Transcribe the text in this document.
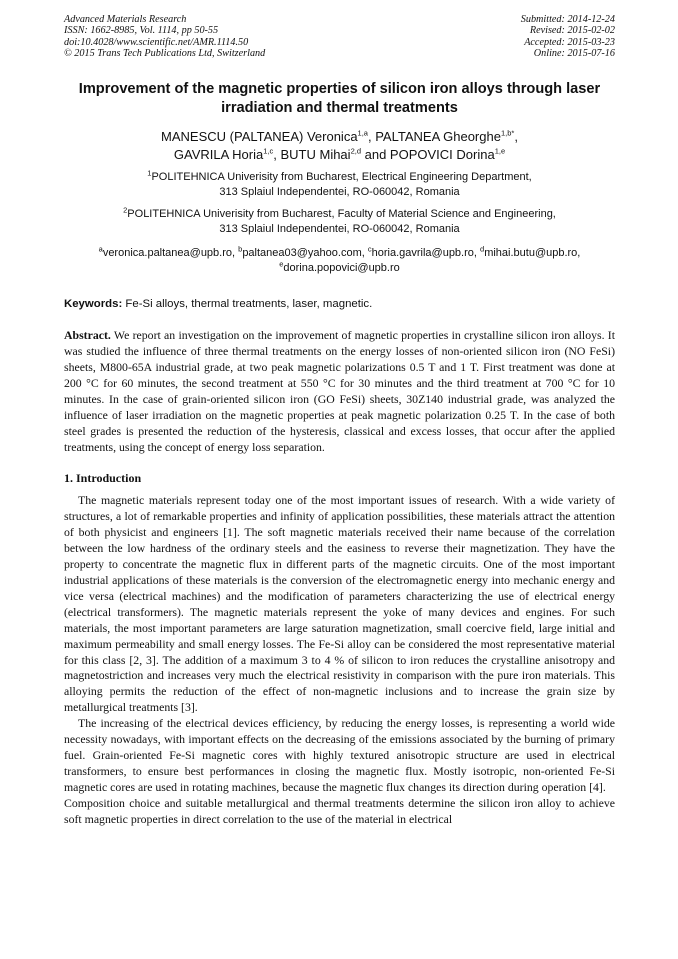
Advanced Materials Research
ISSN: 1662-8985, Vol. 1114, pp 50-55
doi:10.4028/www.scientific.net/AMR.1114.50
© 2015 Trans Tech Publications Ltd, Switzerland
Submitted: 2014-12-24
Revised: 2015-02-02
Accepted: 2015-03-23
Online: 2015-07-16
Improvement of the magnetic properties of silicon iron alloys through laser irradiation and thermal treatments
MANESCU (PALTANEA) Veronica$^{1,a}$, PALTANEA Gheorghe$^{1,b*}$,
GAVRILA Horia$^{1,c}$, BUTU Mihai$^{2,d}$ and POPOVICI Dorina$^{1,e}$
$^1$POLITEHNICA Univerisity from Bucharest, Electrical Engineering Department,
313 Splaiul Independentei, RO-060042, Romania
$^2$POLITEHNICA Univerisity from Bucharest, Faculty of Material Science and Engineering,
313 Splaiul Independentei, RO-060042, Romania
$^a$veronica.paltanea@upb.ro, $^b$paltanea03@yahoo.com, $^c$horia.gavrila@upb.ro, $^d$mihai.butu@upb.ro,
$^e$dorina.popovici@upb.ro
Keywords: Fe-Si alloys, thermal treatments, laser, magnetic.
Abstract. We report an investigation on the improvement of magnetic properties in crystalline silicon iron alloys. It was studied the influence of three thermal treatments on the energy losses of non-oriented silicon iron (NO FeSi) sheets, M800-65A industrial grade, at two peak magnetic polarizations 0.5 T and 1 T. First treatment was done at 200 °C for 60 minutes, the second treatment at 550 °C for 30 minutes and the third treatment at 700 °C for 10 minutes. In the case of grain-oriented silicon iron (GO FeSi) sheets, 30Z140 industrial grade, was analyzed the influence of laser irradiation on the magnetic properties at peak magnetic polarization 0.25 T. In the case of both steel grades is presented the reduction of the hysteresis, classical and excess losses, that occur after the applied treatments, using the concept of energy loss separation.
1. Introduction
The magnetic materials represent today one of the most important issues of research. With a wide variety of structures, a lot of remarkable properties and infinity of application possibilities, these materials attract the attention of both physicist and engineers [1]. The soft magnetic materials received their name because of the correlation between the low hardness of the ordinary steels and the easiness to reverse their magnetization. They have the property to concentrate the magnetic flux in different parts of the magnetic circuits. One of the most important industrial applications of these materials is the conversion of the electromagnetic energy into mechanic energy and vice versa (electrical machines) and the modification of parameters characterizing the use of electrical energy (electrical transformers). The magnetic materials represent the yoke of many devices and engines. For such materials, the most important parameters are large saturation magnetization, small coercive field, large initial and maximum permeability and small energy losses. The Fe-Si alloy can be considered the most representative material for this class [2, 3]. The addition of a maximum 3 to 4 % of silicon to iron reduces the crystalline anisotropy and magnetostriction and increases very much the electrical resistivity in comparison with the pure iron materials. This alloying permits the reduction of the effect of non-magnetic inclusions and to increase the grain size by metallurgical treatments [3].
The increasing of the electrical devices efficiency, by reducing the energy losses, is representing a world wide necessity nowadays, with important effects on the decreasing of the emissions associated by the burning of primary fuel. Grain-oriented Fe-Si magnetic cores with highly textured anisotropic structure are used in electrical transformers, to ensure best performances in closing the magnetic flux. Mostly isotropic, non-oriented Fe-Si magnetic cores are used in rotating machines, because the magnetic flux changes its direction during operation [4].
Composition choice and suitable metallurgical and thermal treatments determine the silicon iron alloy to achieve soft magnetic properties in direct correlation to the use of the material in electrical
